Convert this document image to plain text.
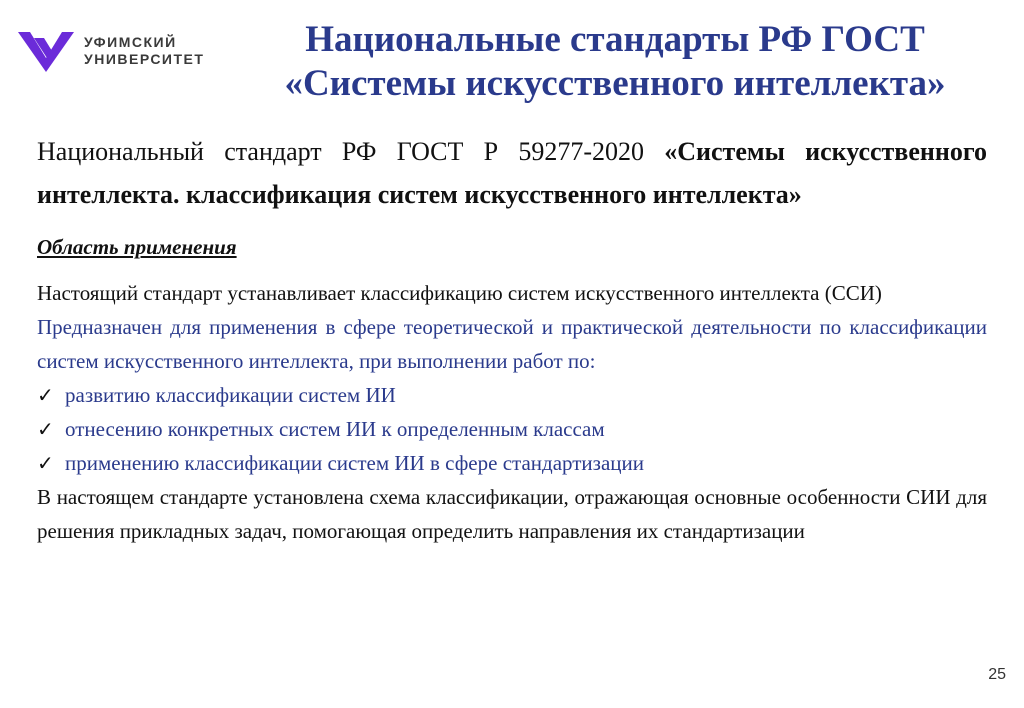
УФИМСКИЙ
УНИВЕРСИТЕТ	Национальные стандарты РФ ГОСТ
«Системы искусственного интеллекта»

Национальный стандарт РФ ГОСТ Р 59277-2020 «Системы искусственного интеллекта. классификация систем искусственного интеллекта»

Область применения

Настоящий стандарт устанавливает классификацию систем искусственного интеллекта (ССИ)

Предназначен для применения в сфере теоретической и практической деятельности по классификации систем искусственного интеллекта, при выполнении работ по:

✓ развитию классификации систем ИИ
✓ отнесению конкретных систем ИИ к определенным классам
✓ применению классификации систем ИИ в сфере стандартизации

В настоящем стандарте установлена схема классификации, отражающая основные особенности СИИ для решения прикладных задач, помогающая определить направления их стандартизации

25
